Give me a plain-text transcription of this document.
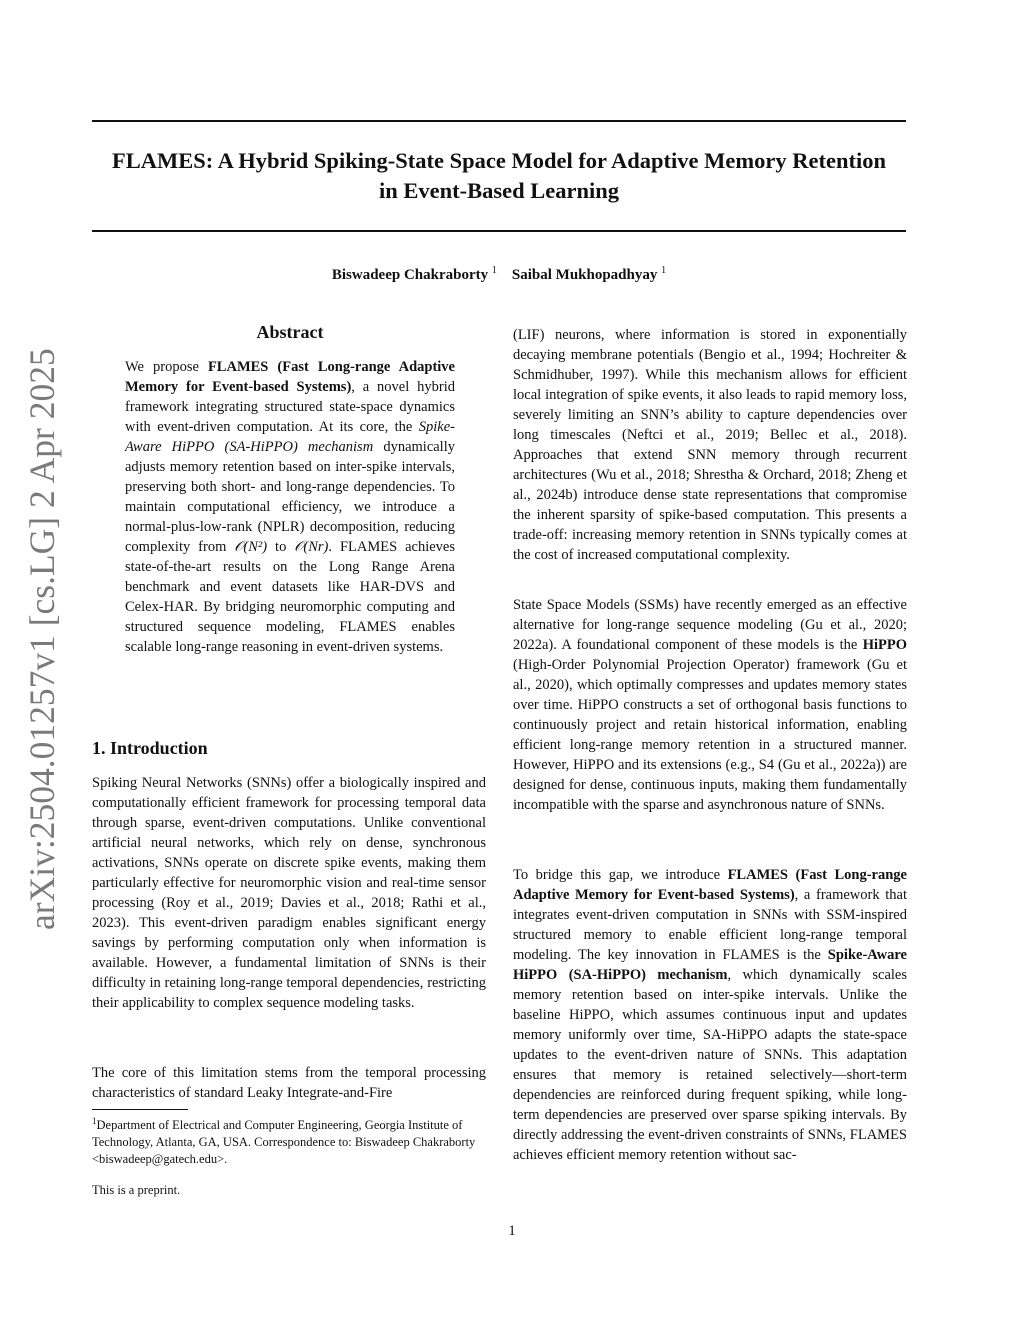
arXiv:2504.01257v1 [cs.LG] 2 Apr 2025
FLAMES: A Hybrid Spiking-State Space Model for Adaptive Memory Retention
in Event-Based Learning
Biswadeep Chakraborty $^1$ Saibal Mukhopadhyay $^1$
Abstract

We propose FLAMES (Fast Long-range Adaptive Memory for Event-based Systems), a novel hybrid framework integrating structured state-space dynamics with event-driven computation. At its core, the Spike-Aware HiPPO (SA-HiPPO) mechanism dynamically adjusts memory retention based on inter-spike intervals, preserving both short- and long-range dependencies. To maintain computational efficiency, we introduce a normal-plus-low-rank (NPLR) decomposition, reducing complexity from 𝒪(N²) to 𝒪(Nr). FLAMES achieves state-of-the-art results on the Long Range Arena benchmark and event datasets like HAR-DVS and Celex-HAR. By bridging neuromorphic computing and structured sequence modeling, FLAMES enables scalable long-range reasoning in event-driven systems.

1. Introduction

Spiking Neural Networks (SNNs) offer a biologically inspired and computationally efficient framework for processing temporal data through sparse, event-driven computations. Unlike conventional artificial neural networks, which rely on dense, synchronous activations, SNNs operate on discrete spike events, making them particularly effective for neuromorphic vision and real-time sensor processing (Roy et al., 2019; Davies et al., 2018; Rathi et al., 2023). This event-driven paradigm enables significant energy savings by performing computation only when information is available. However, a fundamental limitation of SNNs is their difficulty in retaining long-range temporal dependencies, restricting their applicability to complex sequence modeling tasks.

The core of this limitation stems from the temporal processing characteristics of standard Leaky Integrate-and-Fire

$^1$Department of Electrical and Computer Engineering, Georgia Institute of Technology, Atlanta, GA, USA. Correspondence to: Biswadeep Chakraborty <biswadeep@gatech.edu>.

This is a preprint.

(LIF) neurons, where information is stored in exponentially decaying membrane potentials (Bengio et al., 1994; Hochreiter & Schmidhuber, 1997). While this mechanism allows for efficient local integration of spike events, it also leads to rapid memory loss, severely limiting an SNN’s ability to capture dependencies over long timescales (Neftci et al., 2019; Bellec et al., 2018). Approaches that extend SNN memory through recurrent architectures (Wu et al., 2018; Shrestha & Orchard, 2018; Zheng et al., 2024b) introduce dense state representations that compromise the inherent sparsity of spike-based computation. This presents a trade-off: increasing memory retention in SNNs typically comes at the cost of increased computational complexity.

State Space Models (SSMs) have recently emerged as an effective alternative for long-range sequence modeling (Gu et al., 2020; 2022a). A foundational component of these models is the HiPPO (High-Order Polynomial Projection Operator) framework (Gu et al., 2020), which optimally compresses and updates memory states over time. HiPPO constructs a set of orthogonal basis functions to continuously project and retain historical information, enabling efficient long-range memory retention in a structured manner. However, HiPPO and its extensions (e.g., S4 (Gu et al., 2022a)) are designed for dense, continuous inputs, making them fundamentally incompatible with the sparse and asynchronous nature of SNNs.

To bridge this gap, we introduce FLAMES (Fast Long-range Adaptive Memory for Event-based Systems), a framework that integrates event-driven computation in SNNs with SSM-inspired structured memory to enable efficient long-range temporal modeling. The key innovation in FLAMES is the Spike-Aware HiPPO (SA-HiPPO) mechanism, which dynamically scales memory retention based on inter-spike intervals. Unlike the baseline HiPPO, which assumes continuous input and updates memory uniformly over time, SA-HiPPO adapts the state-space updates to the event-driven nature of SNNs. This adaptation ensures that memory is retained selectively—short-term dependencies are reinforced during frequent spiking, while long-term dependencies are preserved over sparse spiking intervals. By directly addressing the event-driven constraints of SNNs, FLAMES achieves efficient memory retention without sac-

1
